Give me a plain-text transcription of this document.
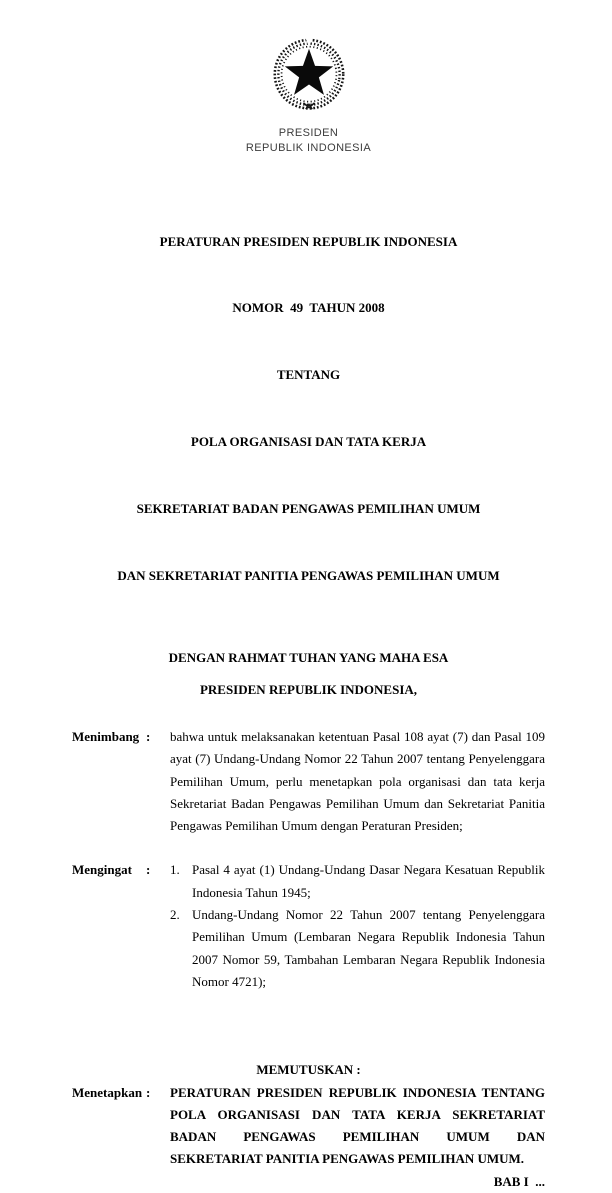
PRESIDEN
REPUBLIK INDONESIA

PERATURAN PRESIDEN REPUBLIK INDONESIA

NOMOR  49  TAHUN 2008

TENTANG

POLA ORGANISASI DAN TATA KERJA

SEKRETARIAT BADAN PENGAWAS PEMILIHAN UMUM

DAN SEKRETARIAT PANITIA PENGAWAS PEMILIHAN UMUM

DENGAN RAHMAT TUHAN YANG MAHA ESA
PRESIDEN REPUBLIK INDONESIA,
Menimbang :	bahwa untuk melaksanakan ketentuan Pasal 108 ayat (7) dan Pasal 109 ayat (7) Undang-Undang Nomor 22 Tahun 2007 tentang Penyelenggara Pemilihan Umum, perlu menetapkan pola organisasi dan tata kerja Sekretariat Badan Pengawas Pemilihan Umum dan Sekretariat Panitia Pengawas Pemilihan Umum dengan Peraturan Presiden;
Mengingat	:	1. Pasal 4 ayat (1) Undang-Undang Dasar Negara Kesatuan Republik Indonesia Tahun 1945;
2. Undang-Undang Nomor 22 Tahun 2007 tentang Penyelenggara Pemilihan Umum (Lembaran Negara Republik Indonesia Tahun 2007 Nomor 59, Tambahan Lembaran Negara Republik Indonesia Nomor 4721);
MEMUTUSKAN :
Menetapkan :	PERATURAN PRESIDEN REPUBLIK INDONESIA TENTANG POLA ORGANISASI DAN TATA KERJA SEKRETARIAT BADAN PENGAWAS PEMILIHAN UMUM DAN SEKRETARIAT PANITIA PENGAWAS PEMILIHAN UMUM.
BAB I  ...
